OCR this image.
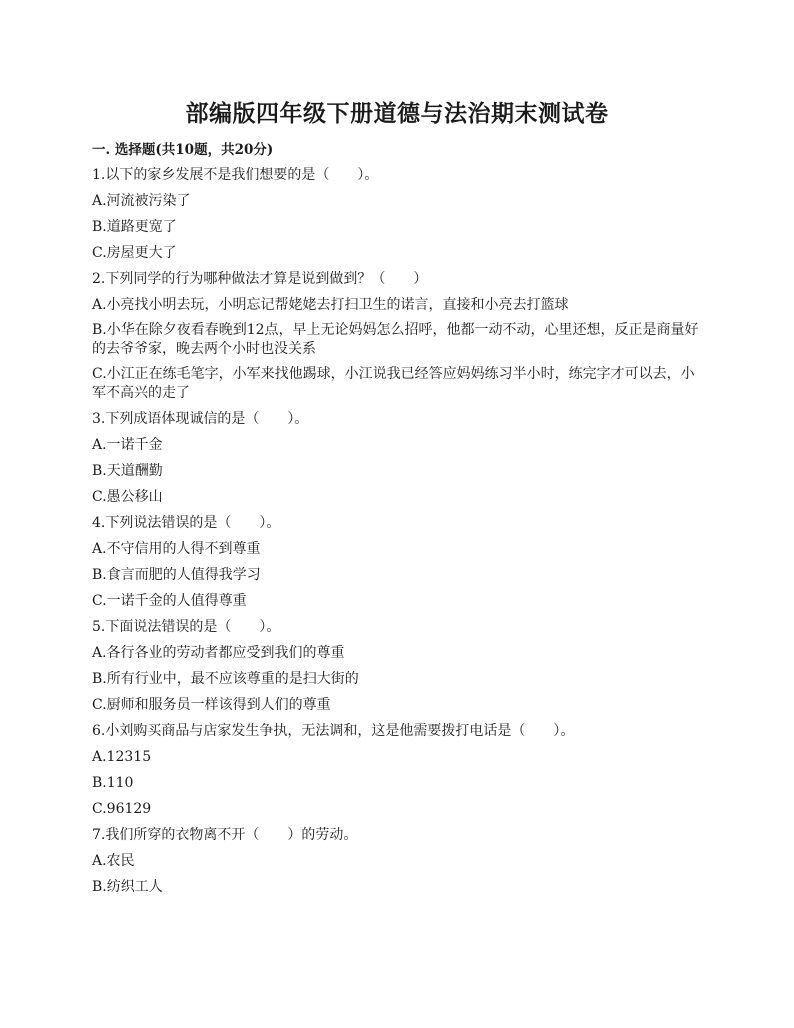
部编版四年级下册道德与法治期末测试卷
一. 选择题(共10题，共20分)
1.以下的家乡发展不是我们想要的是（　　）。
A.河流被污染了
B.道路更宽了
C.房屋更大了
2.下列同学的行为哪种做法才算是说到做到？（　　）
A.小亮找小明去玩，小明忘记帮姥姥去打扫卫生的诺言，直接和小亮去打篮球
B.小华在除夕夜看春晚到12点，早上无论妈妈怎么招呼，他都一动不动，心里还想，反正是商量好的去爷爷家，晚去两个小时也没关系
C.小江正在练毛笔字，小军来找他踢球，小江说我已经答应妈妈练习半小时，练完字才可以去，小军不高兴的走了
3.下列成语体现诚信的是（　　）。
A.一诺千金
B.天道酬勤
C.愚公移山
4.下列说法错误的是（　　）。
A.不守信用的人得不到尊重
B.食言而肥的人值得我学习
C.一诺千金的人值得尊重
5.下面说法错误的是（　　）。
A.各行各业的劳动者都应受到我们的尊重
B.所有行业中，最不应该尊重的是扫大街的
C.厨师和服务员一样该得到人们的尊重
6.小刘购买商品与店家发生争执，无法调和，这是他需要拨打电话是（　　）。
A.12315
B.110
C.96129
7.我们所穿的衣物离不开（　　）的劳动。
A.农民
B.纺织工人
